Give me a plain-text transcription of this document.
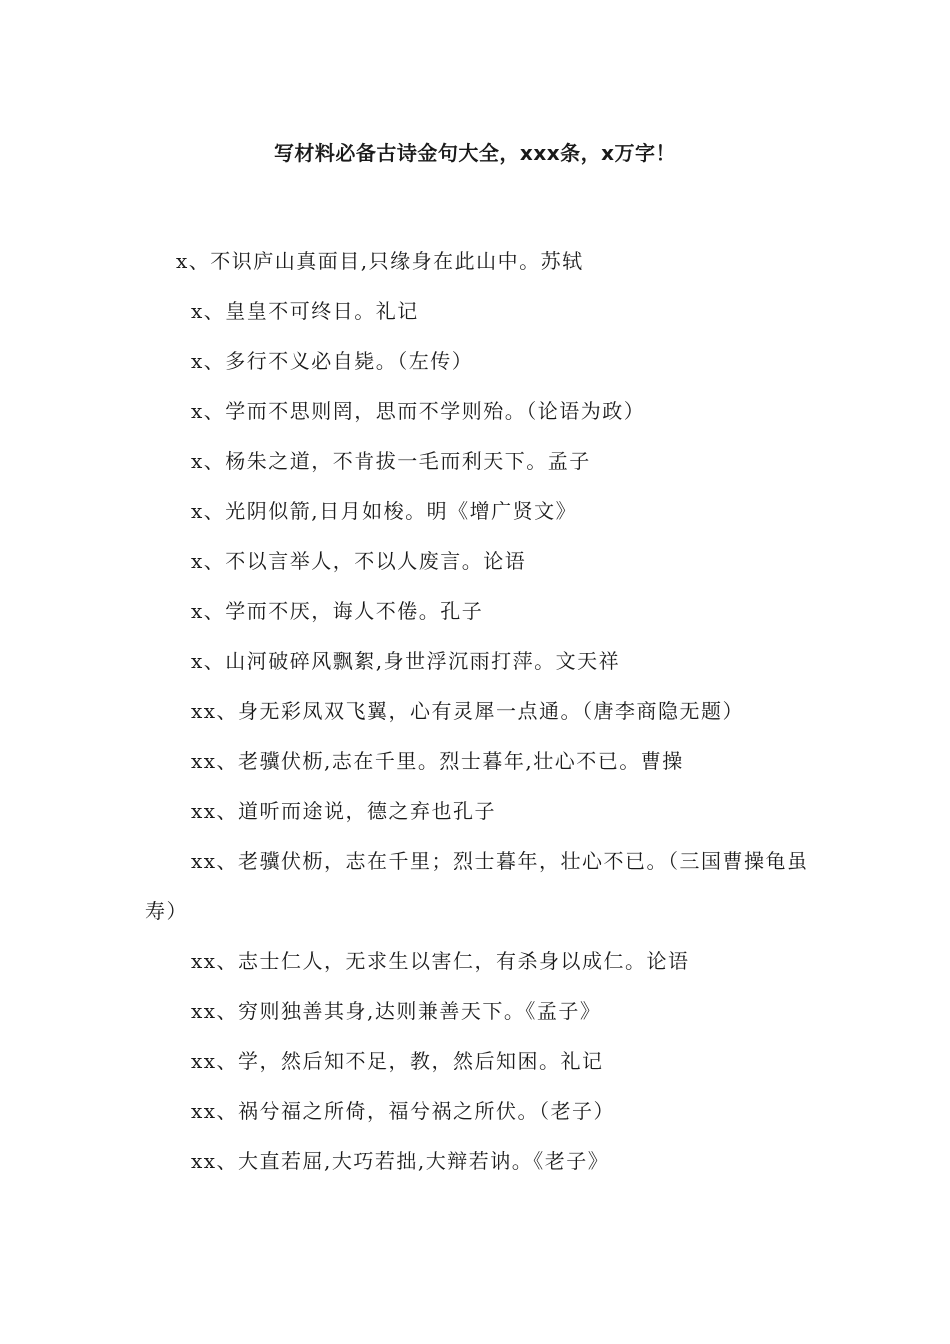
写材料必备古诗金句大全，xxx条，x万字！
x、不识庐山真面目,只缘身在此山中。苏轼
x、皇皇不可终日。礼记
x、多行不义必自毙。（左传）
x、学而不思则罔，思而不学则殆。（论语为政）
x、杨朱之道，不肯拔一毛而利天下。孟子
x、光阴似箭,日月如梭。明《增广贤文》
x、不以言举人，不以人废言。论语
x、学而不厌，诲人不倦。孔子
x、山河破碎风飘絮,身世浮沉雨打萍。文天祥
xx、身无彩凤双飞翼，心有灵犀一点通。（唐李商隐无题）
xx、老骥伏枥,志在千里。烈士暮年,壮心不已。曹操
xx、道听而途说，德之弃也孔子
xx、老骥伏枥，志在千里；烈士暮年，壮心不已。（三国曹操龟虽寿）
xx、志士仁人，无求生以害仁，有杀身以成仁。论语
xx、穷则独善其身,达则兼善天下。《孟子》
xx、学，然后知不足，教，然后知困。礼记
xx、祸兮福之所倚，福兮祸之所伏。（老子）
xx、大直若屈,大巧若拙,大辩若讷。《老子》
